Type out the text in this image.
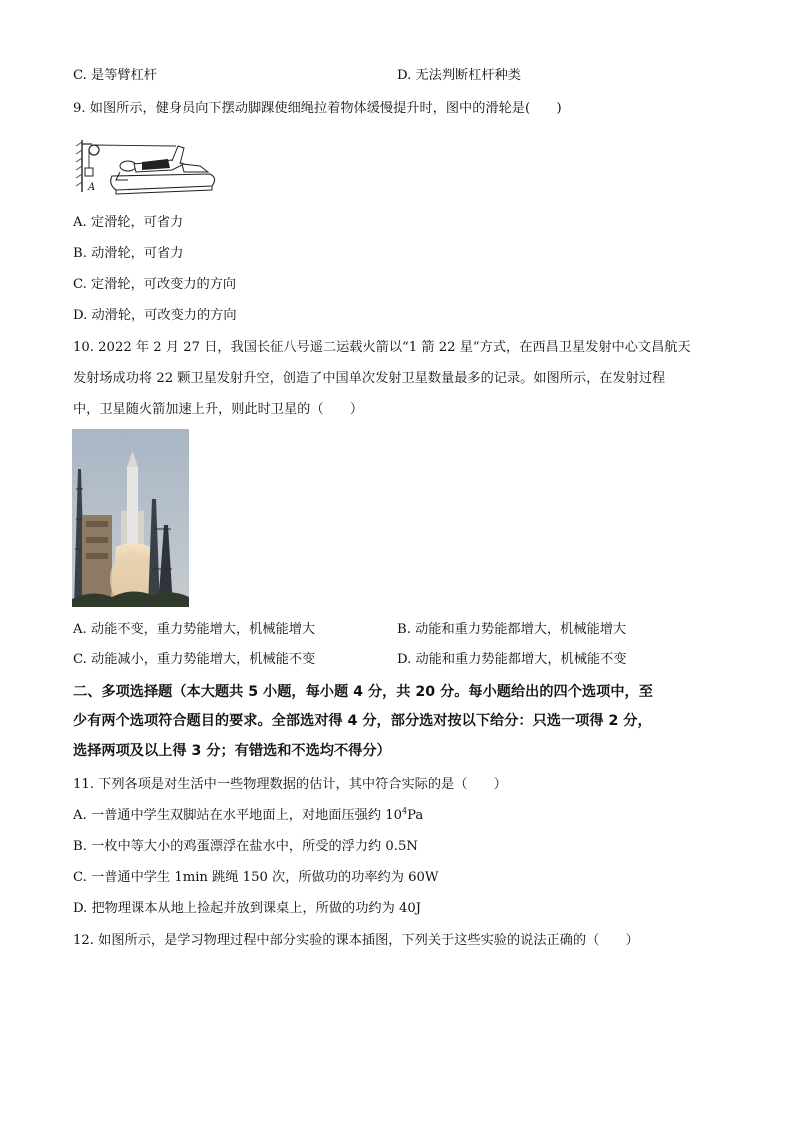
C. 是等臂杠杆	D. 无法判断杠杆种类
9. 如图所示，健身员向下摆动脚踝使细绳拉着物体缓慢提升时，图中的滑轮是(　　)
A
A. 定滑轮，可省力
B. 动滑轮，可省力
C. 定滑轮，可改变力的方向
D. 动滑轮，可改变力的方向
10. 2022 年 2 月 27 日，我国长征八号遥二运载火箭以“1 箭 22 星”方式，在西昌卫星发射中心文昌航天
发射场成功将 22 颗卫星发射升空，创造了中国单次发射卫星数量最多的记录。如图所示，在发射过程
中，卫星随火箭加速上升，则此时卫星的（　　）
A. 动能不变，重力势能增大，机械能增大	B. 动能和重力势能都增大，机械能增大
C. 动能减小，重力势能增大，机械能不变	D. 动能和重力势能都增大，机械能不变
二、多项选择题（本大题共 5 小题，每小题 4 分，共 20 分。每小题给出的四个选项中，至
少有两个选项符合题目的要求。全部选对得 4 分，部分选对按以下给分：只选一项得 2 分，
选择两项及以上得 3 分；有错选和不选均不得分）
11. 下列各项是对生活中一些物理数据的估计，其中符合实际的是（　　）
A. 一普通中学生双脚站在水平地面上，对地面压强约 $10^4Pa$
B. 一枚中等大小的鸡蛋漂浮在盐水中，所受的浮力约 0.5N
C. 一普通中学生 1min 跳绳 150 次，所做功的功率约为 60W
D. 把物理课本从地上捡起并放到课桌上，所做的功约为 40J
12. 如图所示，是学习物理过程中部分实验的课本插图，下列关于这些实验的说法正确的（　　）
